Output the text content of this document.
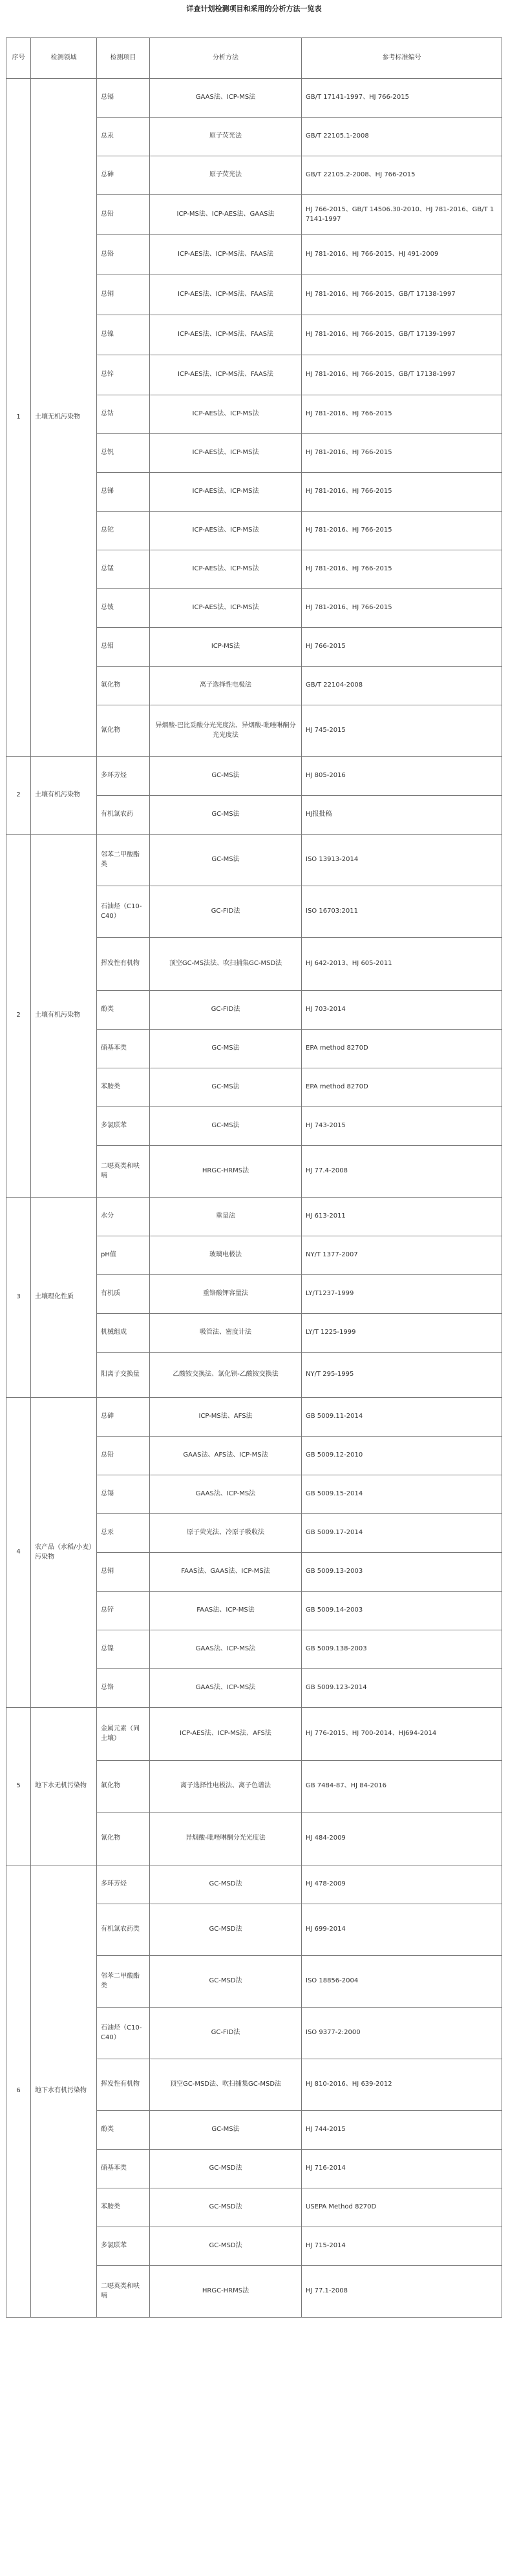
详查计划检测项目和采用的分析方法一览表
序号	检测领域	检测项目	分析方法	参考标准编号
1	土壤无机污染物	总镉	GAAS法、ICP-MS法	GB/T 17141-1997、HJ 766-2015
		总汞	原子荧光法	GB/T 22105.1-2008
		总砷	原子荧光法	GB/T 22105.2-2008、HJ 766-2015
		总铅	ICP-MS法、ICP-AES法、GAAS法	HJ 766-2015、GB/T 14506.30-2010、HJ 781-2016、GB/T 17141-1997
		总铬	ICP-AES法、ICP-MS法、FAAS法	HJ 781-2016、HJ 766-2015、HJ 491-2009
		总铜	ICP-AES法、ICP-MS法、FAAS法	HJ 781-2016、HJ 766-2015、GB/T 17138-1997
		总镍	ICP-AES法、ICP-MS法、FAAS法	HJ 781-2016、HJ 766-2015、GB/T 17139-1997
		总锌	ICP-AES法、ICP-MS法、FAAS法	HJ 781-2016、HJ 766-2015、GB/T 17138-1997
		总钴	ICP-AES法、ICP-MS法	HJ 781-2016、HJ 766-2015
		总钒	ICP-AES法、ICP-MS法	HJ 781-2016、HJ 766-2015
		总锑	ICP-AES法、ICP-MS法	HJ 781-2016、HJ 766-2015
		总铊	ICP-AES法、ICP-MS法	HJ 781-2016、HJ 766-2015
		总锰	ICP-AES法、ICP-MS法	HJ 781-2016、HJ 766-2015
		总铍	ICP-AES法、ICP-MS法	HJ 781-2016、HJ 766-2015
		总钼	ICP-MS法	HJ 766-2015
		氟化物	离子选择性电极法	GB/T 22104-2008
		氰化物	异烟酸-巴比妥酸分光光度法、异烟酸-吡唑啉酮分光光度法	HJ 745-2015
2	土壤有机污染物	多环芳烃	GC-MS法	HJ 805-2016
		有机氯农药	GC-MS法	HJ报批稿
2	土壤有机污染物	邻苯二甲酸酯类	GC-MS法	ISO 13913-2014
		石油烃（C10-C40）	GC-FID法	ISO 16703:2011
		挥发性有机物	顶空GC-MS法法、吹扫捕集GC-MSD法	HJ 642-2013、HJ 605-2011
		酚类	GC-FID法	HJ 703-2014
		硝基苯类	GC-MS法	EPA method 8270D
		苯胺类	GC-MS法	EPA method 8270D
		多氯联苯	GC-MS法	HJ 743-2015
		二噁英类和呋喃	HRGC-HRMS法	HJ 77.4-2008
3	土壤理化性质	水分	重量法	HJ 613-2011
		pH值	玻璃电极法	NY/T 1377-2007
		有机质	重铬酸钾容量法	LY/T1237-1999
		机械组成	吸管法、密度计法	LY/T 1225-1999
		阳离子交换量	乙酸铵交换法、氯化钡-乙酸铵交换法	NY/T 295-1995
4	农产品（水稻/小麦）污染物	总砷	ICP-MS法、AFS法	GB 5009.11-2014
		总铅	GAAS法、AFS法、ICP-MS法	GB 5009.12-2010
		总镉	GAAS法、ICP-MS法	GB 5009.15-2014
		总汞	原子荧光法、冷原子吸收法	GB 5009.17-2014
		总铜	FAAS法、GAAS法、ICP-MS法	GB 5009.13-2003
		总锌	FAAS法、ICP-MS法	GB 5009.14-2003
		总镍	GAAS法、ICP-MS法	GB 5009.138-2003
		总铬	GAAS法、ICP-MS法	GB 5009.123-2014
5	地下水无机污染物	金属元素（同土壤）	ICP-AES法、ICP-MS法、AFS法	HJ 776-2015、HJ 700-2014、HJ694-2014
		氟化物	离子选择性电极法、离子色谱法	GB 7484-87、HJ 84-2016
		氰化物	异烟酸-吡唑啉酮分光光度法	HJ 484-2009
6	地下水有机污染物	多环芳烃	GC-MSD法	HJ 478-2009
		有机氯农药类	GC-MSD法	HJ 699-2014
		邻苯二甲酸酯类	GC-MSD法	ISO 18856-2004
		石油烃（C10-C40）	GC-FID法	ISO 9377-2:2000
		挥发性有机物	顶空GC-MSD法、吹扫捕集GC-MSD法	HJ 810-2016、HJ 639-2012
		酚类	GC-MS法	HJ 744-2015
		硝基苯类	GC-MSD法	HJ 716-2014
		苯胺类	GC-MSD法	USEPA Method 8270D
		多氯联苯	GC-MSD法	HJ 715-2014
		二噁英类和呋喃	HRGC-HRMS法	HJ 77.1-2008
